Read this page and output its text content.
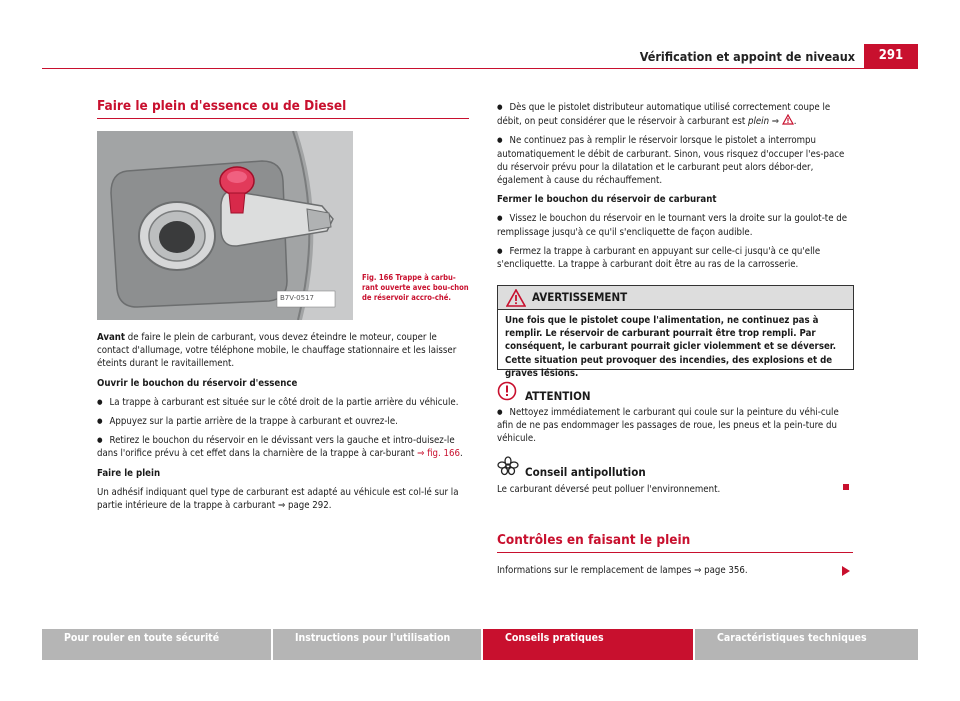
Vérification et appoint de niveaux	291
Faire le plein d'essence ou de Diesel
B7V-0517
Fig. 166 Trappe à carbu-rant ouverte avec bou-chon de réservoir accro-ché.

Avant de faire le plein de carburant, vous devez éteindre le moteur, couper le contact d'allumage, votre téléphone mobile, le chauffage stationnaire et les laisser éteints durant le ravitaillement.

Ouvrir le bouchon du réservoir d'essence

● La trappe à carburant est située sur le côté droit de la partie arrière du véhicule.

● Appuyez sur la partie arrière de la trappe à carburant et ouvrez-le.

● Retirez le bouchon du réservoir en le dévissant vers la gauche et intro-duisez-le dans l'orifice prévu à cet effet dans la charnière de la trappe à car-burant ⇒ fig. 166.

Faire le plein

Un adhésif indiquant quel type de carburant est adapté au véhicule est col-lé sur la partie intérieure de la trappe à carburant ⇒ page 292.

● Dès que le pistolet distributeur automatique utilisé correctement coupe le débit, on peut considérer que le réservoir à carburant est plein ⇒ .

● Ne continuez pas à remplir le réservoir lorsque le pistolet a interrompu automatiquement le débit de carburant. Sinon, vous risquez d'occuper l'es-pace du réservoir prévu pour la dilatation et le carburant peut alors débor-der, également à cause du réchauffement.

Fermer le bouchon du réservoir de carburant

● Vissez le bouchon du réservoir en le tournant vers la droite sur la goulot-te de remplissage jusqu'à ce qu'il s'encliquette de façon audible.

● Fermez la trappe à carburant en appuyant sur celle-ci jusqu'à ce qu'elle s'encliquette. La trappe à carburant doit être au ras de la carrosserie.

AVERTISSEMENT
Une fois que le pistolet coupe l'alimentation, ne continuez pas à remplir. Le réservoir de carburant pourrait être trop rempli. Par conséquent, le carburant pourrait gicler violemment et se déverser. Cette situation peut provoquer des incendies, des explosions et de graves lésions.
ATTENTION

● Nettoyez immédiatement le carburant qui coule sur la peinture du véhi-cule afin de ne pas endommager les passages de roue, les pneus et la pein-ture du véhicule.

Conseil antipollution
Le carburant déversé peut polluer l'environnement.
Contrôles en faisant le plein
Informations sur le remplacement de lampes ⇒ page 356.
Pour rouler en toute sécurité	Instructions pour l'utilisation	Conseils pratiques	Caractéristiques techniques
